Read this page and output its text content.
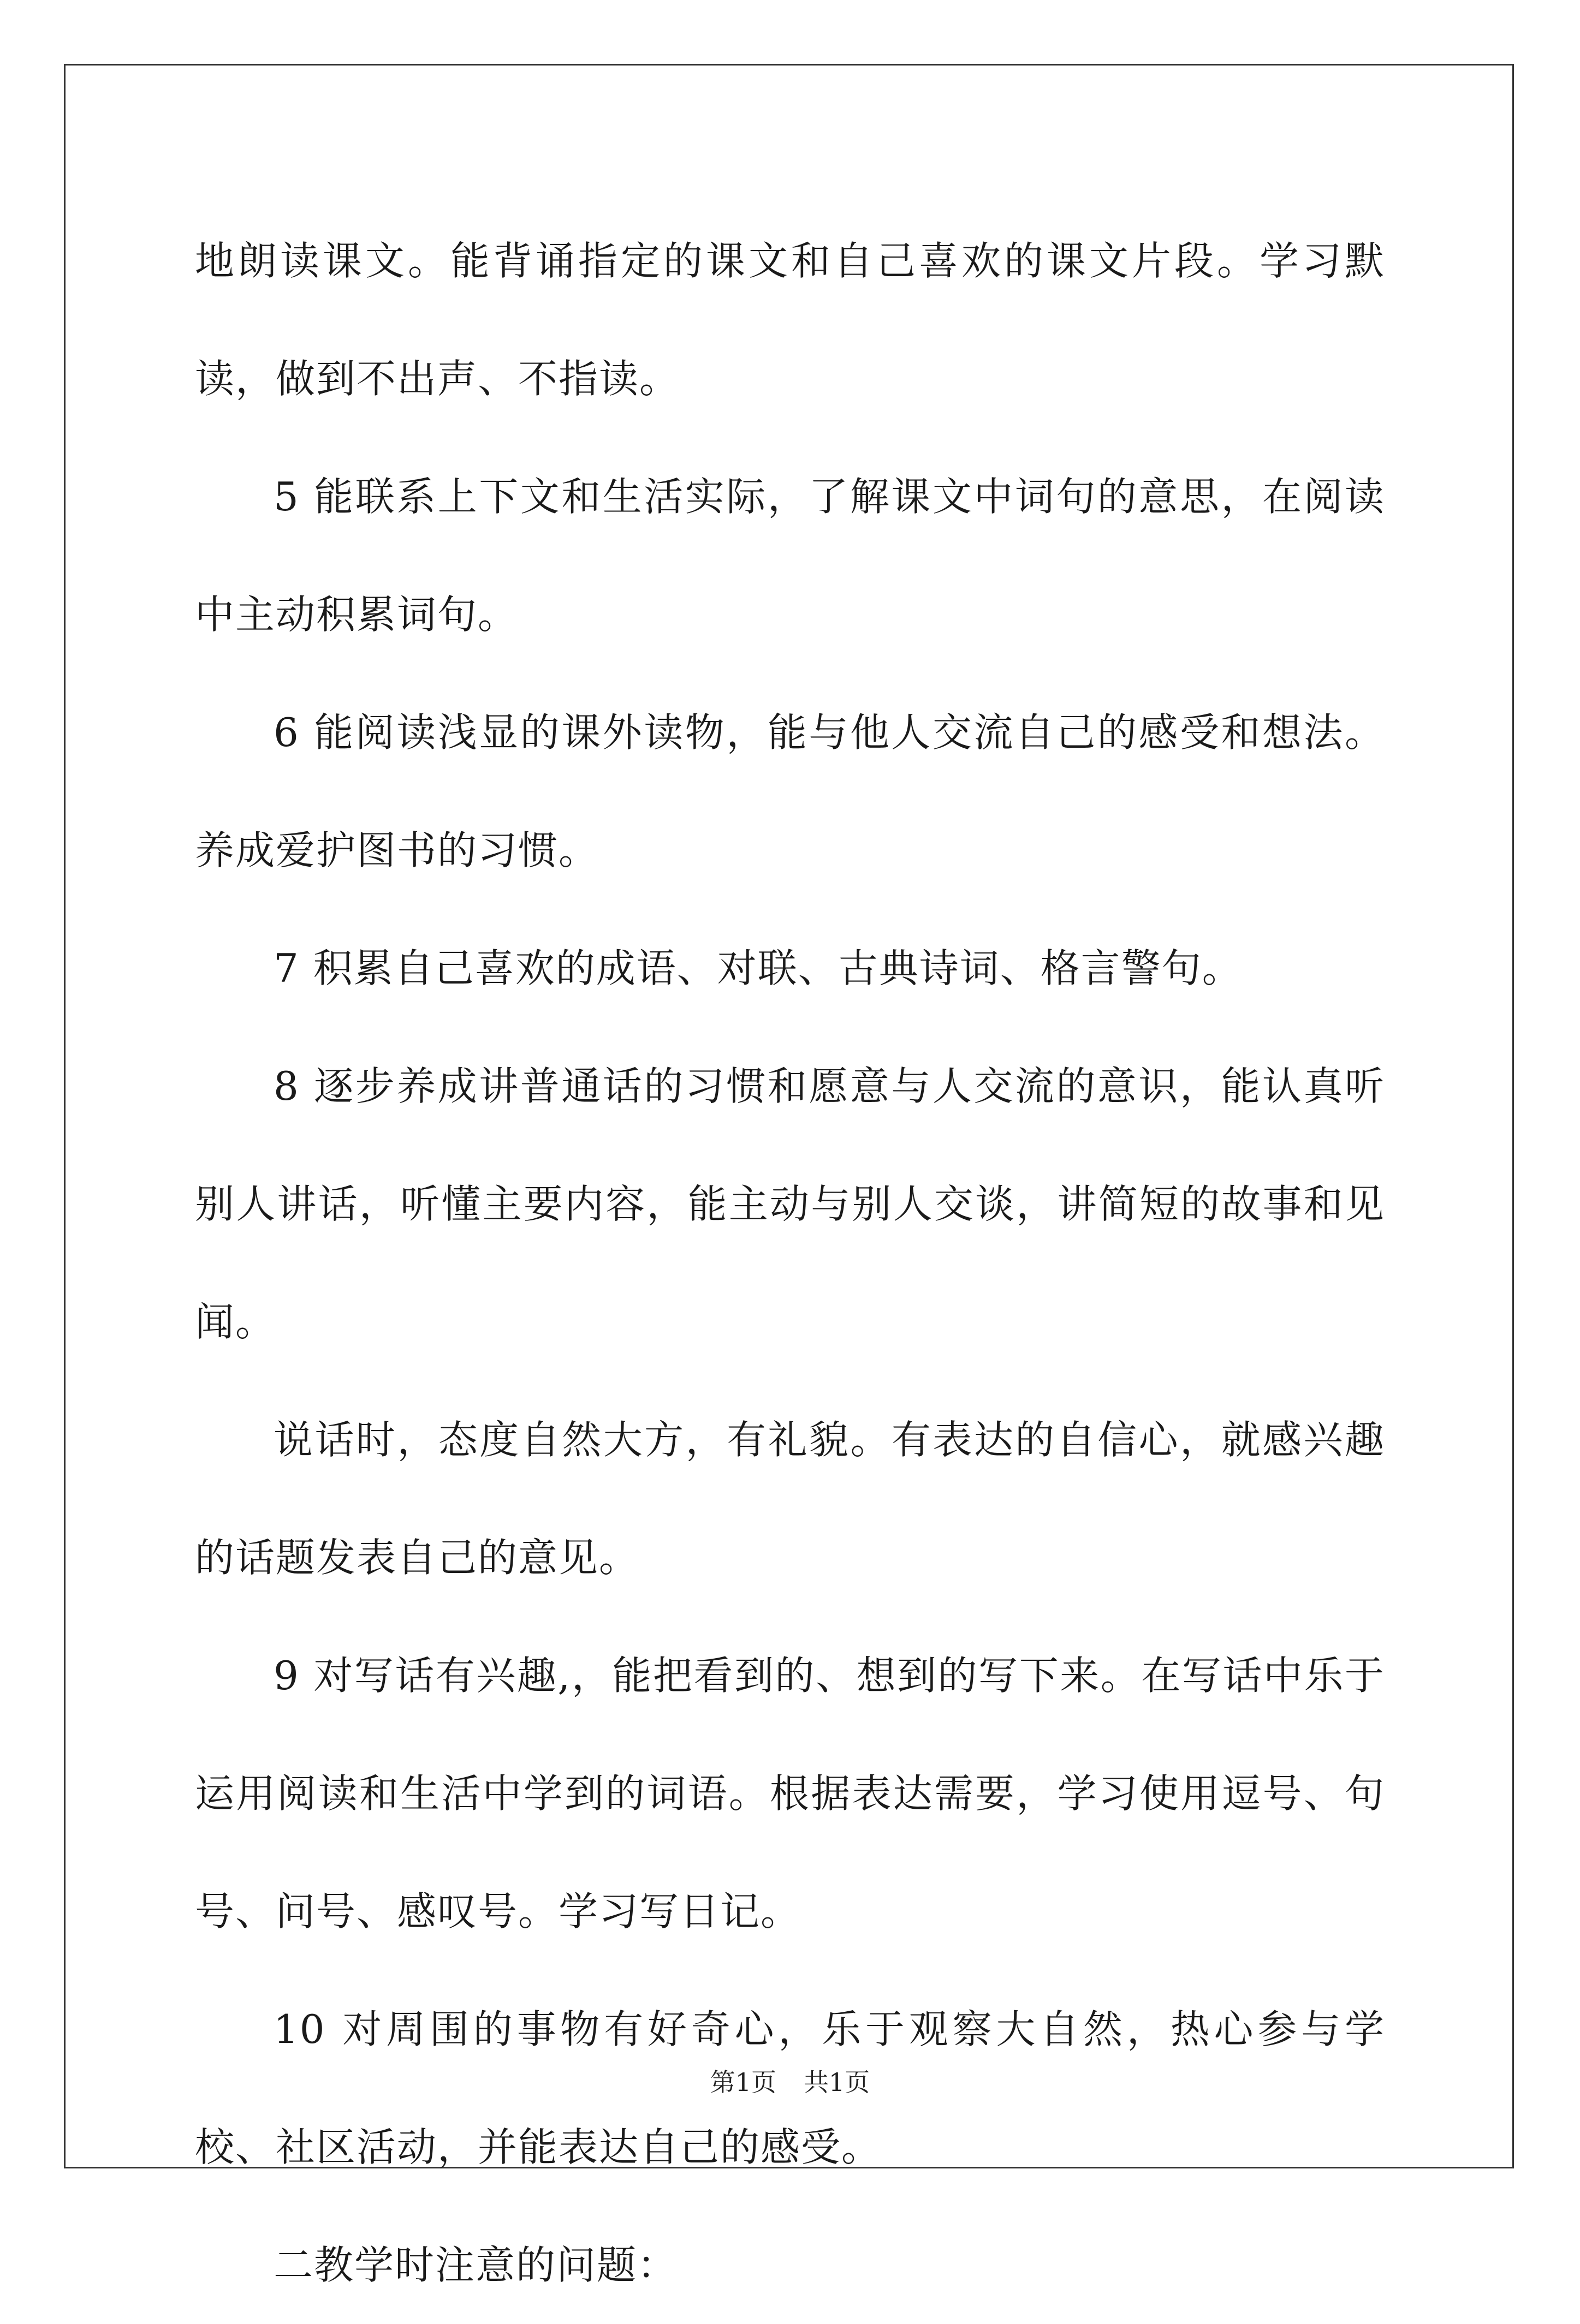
地朗读课文。能背诵指定的课文和自己喜欢的课文片段。学习默读，做到不出声、不指读。

5 能联系上下文和生活实际，了解课文中词句的意思，在阅读中主动积累词句。

6 能阅读浅显的课外读物，能与他人交流自己的感受和想法。养成爱护图书的习惯。

7 积累自己喜欢的成语、对联、古典诗词、格言警句。

8 逐步养成讲普通话的习惯和愿意与人交流的意识，能认真听别人讲话，听懂主要内容，能主动与别人交谈，讲简短的故事和见闻。

说话时，态度自然大方，有礼貌。有表达的自信心，就感兴趣的话题发表自己的意见。

9 对写话有兴趣,，能把看到的、想到的写下来。在写话中乐于运用阅读和生活中学到的词语。根据表达需要，学习使用逗号、句号、问号、感叹号。学习写日记。

10 对周围的事物有好奇心，乐于观察大自然，热心参与学校、社区活动，并能表达自己的感受。

二教学时注意的问题：

第1页 共1页
